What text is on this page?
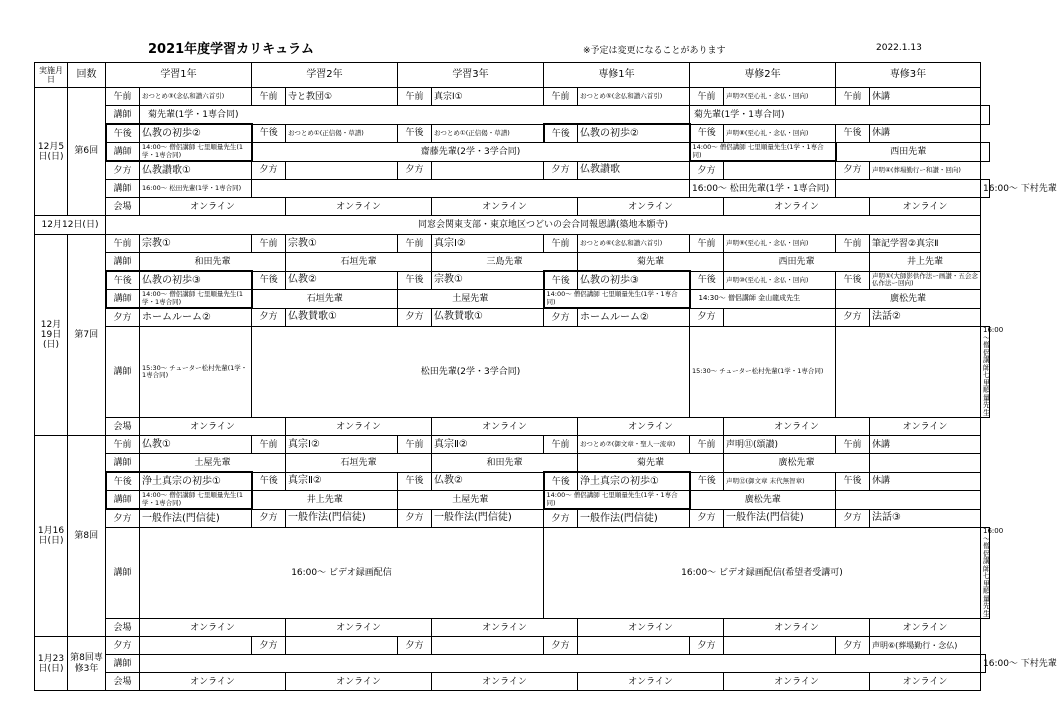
2021年度学習カリキュラム	※予定は変更になることがあります	2022.1.13
実施月日	回数	学習1年		学習2年		学習3年		専修1年		専修2年		専修3年		
12月5日(日)	第6回	午前	おつとめ③(念仏和讃六首引)	午前	寺と教団①	午前	真宗Ⅰ①	午前	おつとめ⑤(念仏和讃六首引)	午前	声明⑦(至心礼・念仏・回向)	午前	休講	
		講師	菊先輩(1学・1専合同)							菊先輩(1学・1専合同)				
		午後	仏教の初歩②	午後	おつとめ①(正信偈・草譜)	午後	おつとめ①(正信偈・草譜)	午後	仏教の初歩②	午後	声明⑧(至心礼・念仏・回向)	午後	休講	
		講師	14:00～ 僧侶講師 七里順量先生(1学・1専合同)	齋藤先輩(2学・3学合同)						14:00～ 僧侶講師 七里順量先生(1学・1専合同)		西田先輩		
		夕方	仏教讃歌①	夕方		夕方		夕方	仏教讃歌	夕方		夕方	声明④(葬場勤行ー和讃・回向)	
		講師	16:00～ 松田先輩(1学・1専合同)							16:00～ 松田先輩(1学・1専合同)				16:00～ 下村先輩
		会場	オンライン		オンライン		オンライン		オンライン		オンライン		オンライン	
12月12日(日)		同窓会関東支部・東京地区つどいの会合同報恩講(築地本願寺)												
12月19日(日)	第7回	午前	宗教①	午前	宗教①	午前	真宗Ⅰ②	午前	おつとめ⑥(念仏和讃六首引)	午前	声明⑨(至心礼・念仏・回向)	午前	筆記学習②真宗Ⅱ	
		講師	和田先輩		石垣先輩		三島先輩		菊先輩		西田先輩		井上先輩	
		午後	仏教の初歩③	午後	仏教②	午後	宗教①	午後	仏教の初歩③	午後	声明⑩(至心礼・念仏・回向)	午後	声明⑤(大師影供作法ー画讃・五会念仏作法ー回向)	
		講師	14:00～ 僧侶講師 七里順量先生(1学・1専合同)	石垣先輩		土屋先輩		14:00～ 僧侶講師 七里順量先生(1学・1専合同)		14:30～ 僧侶講師 金山龍成先生		廣松先輩		
		夕方	ホームルーム②	夕方	仏教賛歌①	夕方	仏教賛歌①	夕方	ホームルーム②	夕方		夕方	法話②	
		講師	15:30～ チューター松村先輩(1学・1専合同)	松田先輩(2学・3学合同)						15:30～ チューター松村先輩(1学・1専合同)				16:00～ 僧侶講師 七里順量先生
		会場	オンライン		オンライン		オンライン		オンライン		オンライン		オンライン	
1月16日(日)	第8回	午前	仏教①	午前	真宗Ⅰ②	午前	真宗Ⅱ②	午前	おつとめ⑦(御文章・聖人一流章)	午前	声明⑪(頌讃)	午前	休講	
		講師	土屋先輩		石垣先輩		和田先輩		菊先輩		廣松先輩			
		午後	浄土真宗の初歩①	午後	真宗Ⅱ②	午後	仏教②	午後	浄土真宗の初歩①	午後	声明⑫(御文章 末代無智章)	午後	休講	
		講師	14:00～ 僧侶講師 七里順量先生(1学・1専合同)	井上先輩		土屋先輩		14:00～ 僧侶講師 七里順量先生(1学・1専合同)		廣松先輩				
		夕方	一般作法(門信徒)	夕方	一般作法(門信徒)	夕方	一般作法(門信徒)	夕方	一般作法(門信徒)	夕方	一般作法(門信徒)	夕方	法話③	
		講師	16:00～ ビデオ録画配信					16:00～ ビデオ録画配信(希望者受講可)						16:00～ 僧侶講師 七里順量先生
		会場	オンライン		オンライン		オンライン		オンライン		オンライン		オンライン	
1月23日(日)	第8回専修3年	夕方		夕方		夕方		夕方		夕方		夕方	声明⑥(葬場勤行・念仏)	
		講師												16:00～ 下村先輩
		会場	オンライン		オンライン		オンライン		オンライン		オンライン		オンライン	
